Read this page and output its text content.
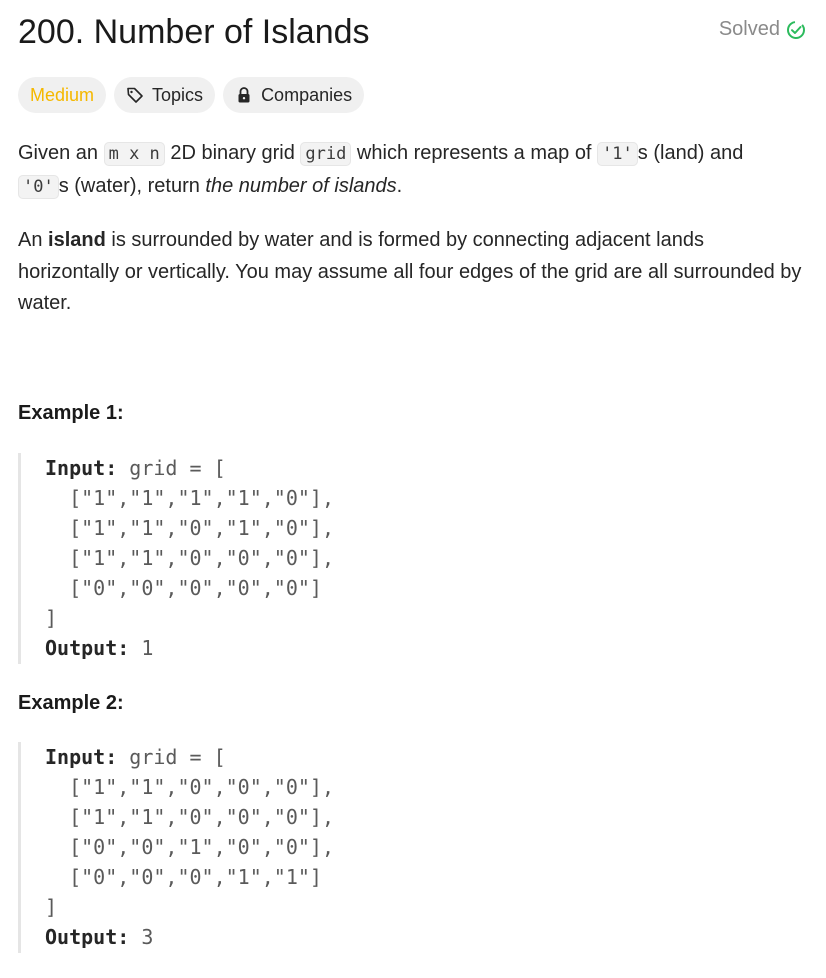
200. Number of Islands	Solved
Medium	Topics	Companies

Given an m x n 2D binary grid grid which represents a map of '1' s (land) and
'0' s (water), return the number of islands.

An island is surrounded by water and is formed by connecting adjacent lands horizontally or vertically. You may assume all four edges of the grid are all surrounded by water.

Example 1:

Input: grid = [
["1","1","1","1","0"],
["1","1","0","1","0"],
["1","1","0","0","0"],
["0","0","0","0","0"]
]
Output: 1

Example 2:

Input: grid = [
["1","1","0","0","0"],
["1","1","0","0","0"],
["0","0","1","0","0"],
["0","0","0","1","1"]
]
Output: 3
